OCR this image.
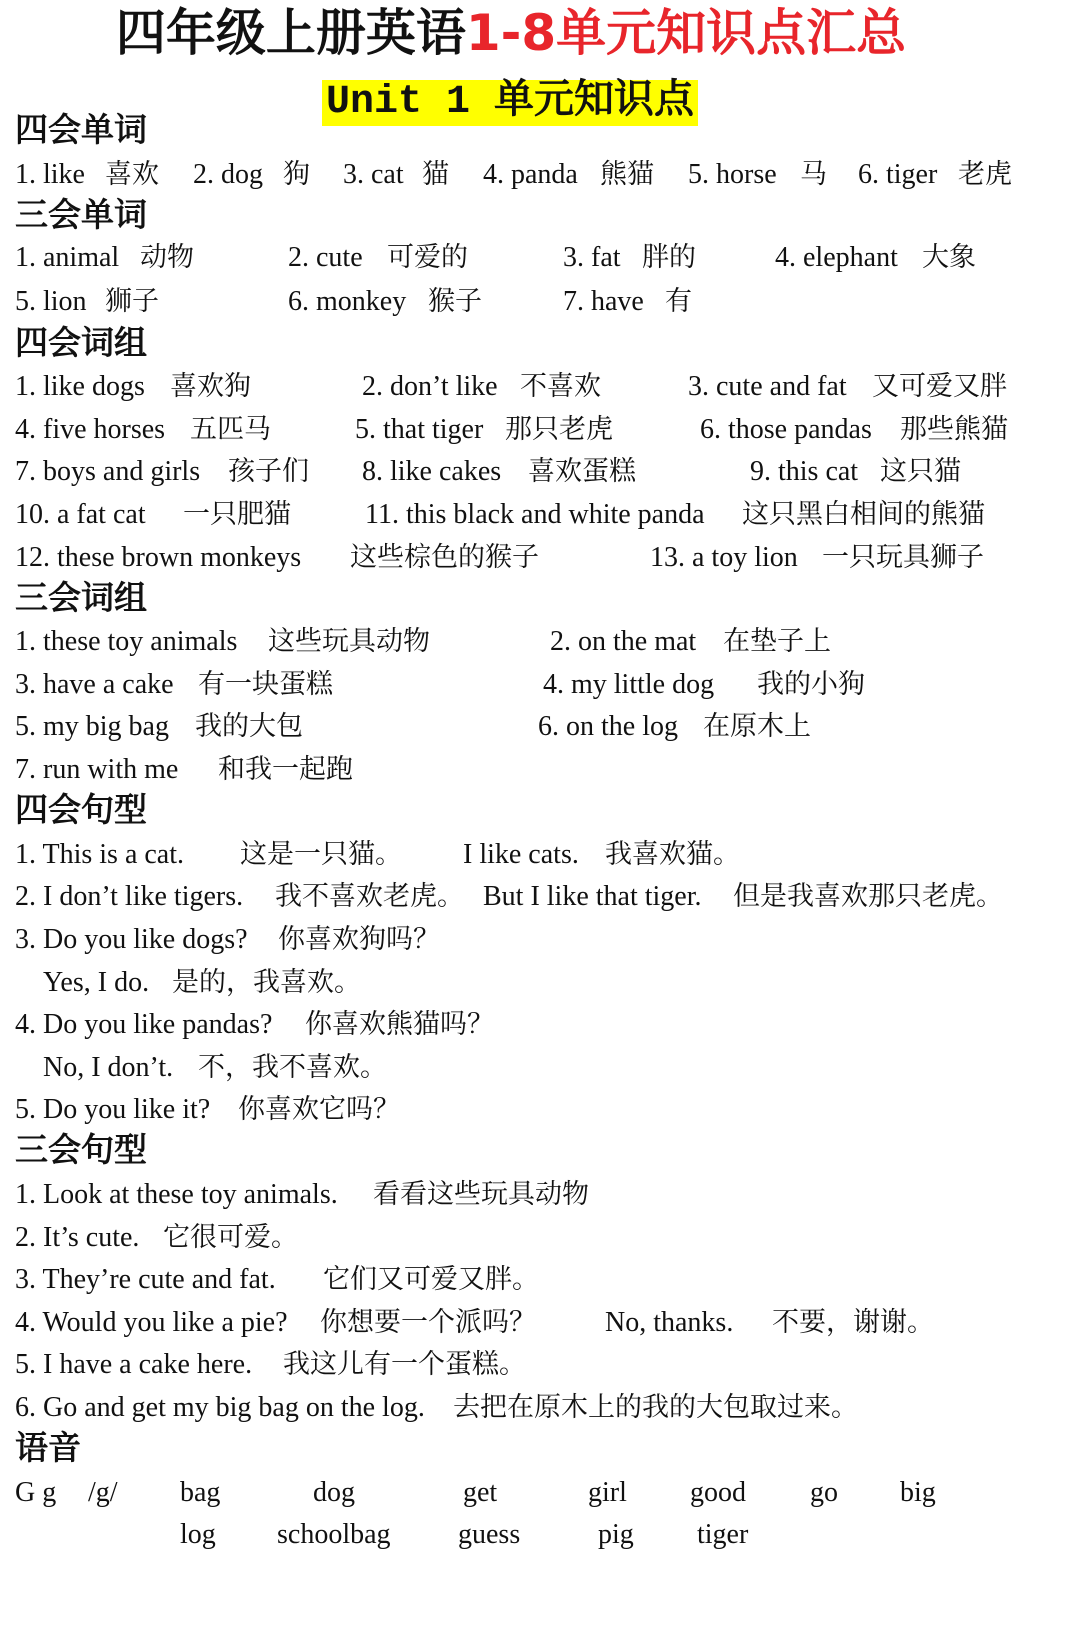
四年级上册英语1-8单元知识点汇总
Unit 1 单元知识点
四会单词
1. like 喜欢 2. dog 狗 3. cat 猫 4. panda 熊猫 5. horse 马 6. tiger 老虎
三会单词
1. animal 动物	2. cute 可爱的	3. fat 胖的	4. elephant 大象
5. lion 狮子	6. monkey 猴子	7. have 有
四会词组
1. like dogs 喜欢狗	2. don’t like 不喜欢	3. cute and fat 又可爱又胖
4. five horses 五匹马	5. that tiger 那只老虎	6. those pandas 那些熊猫
7. boys and girls 孩子们 8. like cakes 喜欢蛋糕	9. this cat 这只猫
10. a fat cat 一只肥猫	11. this black and white panda 这只黑白相间的熊猫
12. these brown monkeys 这些棕色的猴子	13. a toy lion 一只玩具狮子
三会词组
1. these toy animals 这些玩具动物	2. on the mat 在垫子上
3. have a cake 有一块蛋糕	4. my little dog 我的小狗
5. my big bag 我的大包	6. on the log 在原木上
7. run with me 和我一起跑
四会句型
1. This is a cat. 这是一只猫。 I like cats. 我喜欢猫。
2. I don’t like tigers. 我不喜欢老虎。 But I like that tiger. 但是我喜欢那只老虎。
3. Do you like dogs? 你喜欢狗吗？
Yes, I do. 是的，我喜欢。
4. Do you like pandas? 你喜欢熊猫吗？
No, I don’t. 不，我不喜欢。
5. Do you like it? 你喜欢它吗？
三会句型
1. Look at these toy animals. 看看这些玩具动物
2. It’s cute. 它很可爱。
3. They’re cute and fat. 它们又可爱又胖。
4. Would you like a pie? 你想要一个派吗？ No, thanks. 不要，谢谢。
5. I have a cake here. 我这儿有一个蛋糕。
6. Go and get my big bag on the log. 去把在原木上的我的大包取过来。
语音
G g /g/ bag	dog	get	girl good go big
log schoolbag guess	pig tiger
